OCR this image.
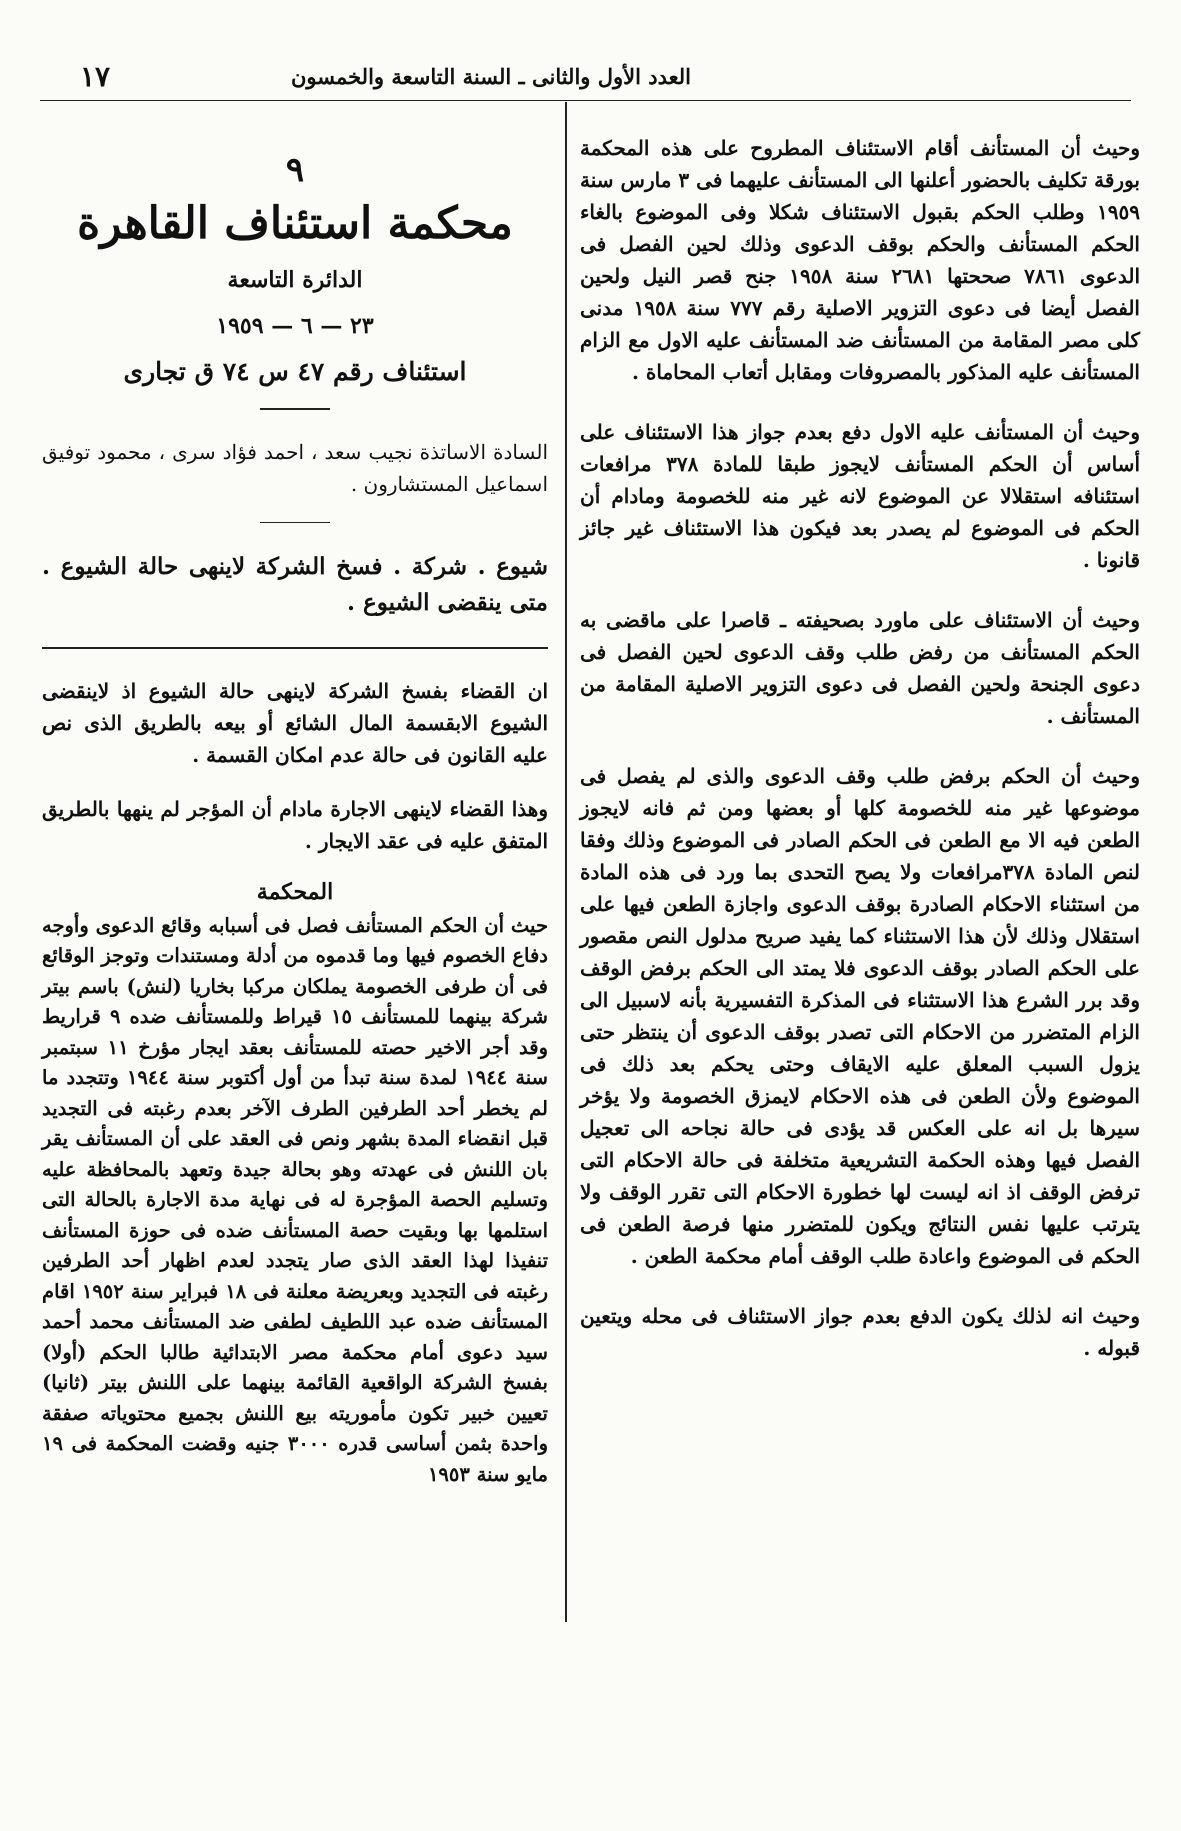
العدد الأول والثانى ـ السنة التاسعة والخمسون
١٧

وحيث أن المستأنف أقام الاستئناف المطروح على هذه المحكمة بورقة تكليف بالحضور أعلنها الى المستأنف عليهما فى ٣ مارس سنة ١٩٥٩ وطلب الحكم بقبول الاستئناف شكلا وفى الموضوع بالغاء الحكم المستأنف والحكم بوقف الدعوى وذلك لحين الفصل فى الدعوى ٧٨٦١ صححتها ٢٦٨١ سنة ١٩٥٨ جنح قصر النيل ولحين الفصل أيضا فى دعوى التزوير الاصلية رقم ٧٧٧ سنة ١٩٥٨ مدنى كلى مصر المقامة من المستأنف ضد المستأنف عليه الاول مع الزام المستأنف عليه المذكور بالمصروفات ومقابل أتعاب المحاماة .

وحيث أن المستأنف عليه الاول دفع بعدم جواز هذا الاستئناف على أساس أن الحكم المستأنف لايجوز طبقا للمادة ٣٧٨ مرافعات استئنافه استقلالا عن الموضوع لانه غير منه للخصومة ومادام أن الحكم فى الموضوع لم يصدر بعد فيكون هذا الاستئناف غير جائز قانونا .

وحيث أن الاستئناف على ماورد بصحيفته ـ قاصرا على ماقضى به الحكم المستأنف من رفض طلب وقف الدعوى لحين الفصل فى دعوى الجنحة ولحين الفصل فى دعوى التزوير الاصلية المقامة من المستأنف .

وحيث أن الحكم برفض طلب وقف الدعوى والذى لم يفصل فى موضوعها غير منه للخصومة كلها أو بعضها ومن ثم فانه لايجوز الطعن فيه الا مع الطعن فى الحكم الصادر فى الموضوع وذلك وفقا لنص المادة ٣٧٨مرافعات ولا يصح التحدى بما ورد فى هذه المادة من استثناء الاحكام الصادرة بوقف الدعوى واجازة الطعن فيها على استقلال وذلك لأن هذا الاستثناء كما يفيد صريح مدلول النص مقصور على الحكم الصادر بوقف الدعوى فلا يمتد الى الحكم برفض الوقف وقد برر الشرع هذا الاستثناء فى المذكرة التفسيرية بأنه لاسبيل الى الزام المتضرر من الاحكام التى تصدر بوقف الدعوى أن ينتظر حتى يزول السبب المعلق عليه الايقاف وحتى يحكم بعد ذلك فى الموضوع ولأن الطعن فى هذه الاحكام لايمزق الخصومة ولا يؤخر سيرها بل انه على العكس قد يؤدى فى حالة نجاحه الى تعجيل الفصل فيها وهذه الحكمة التشريعية متخلفة فى حالة الاحكام التى ترفض الوقف اذ انه ليست لها خطورة الاحكام التى تقرر الوقف ولا يترتب عليها نفس النتائج ويكون للمتضرر منها فرصة الطعن فى الحكم فى الموضوع واعادة طلب الوقف أمام محكمة الطعن .

وحيث انه لذلك يكون الدفع بعدم جواز الاستئناف فى محله ويتعين قبوله .

٩
محكمة استئناف القاهرة
الدائرة التاسعة
٢٣ — ٦ — ١٩٥٩
استئناف رقم ٤٧ س ٧٤ ق تجارى
السادة الاساتذة نجيب سعد ، احمد فؤاد سرى ، محمود توفيق اسماعيل المستشارون .
شيوع . شركة . فسخ الشركة لاينهى حالة الشيوع . متى ينقضى الشيوع .
ان القضاء بفسخ الشركة لاينهى حالة الشيوع اذ لاينقضى الشيوع الابقسمة المال الشائع أو بيعه بالطريق الذى نص عليه القانون فى حالة عدم امكان القسمة .
وهذا القضاء لاينهى الاجارة مادام أن المؤجر لم ينهها بالطريق المتفق عليه فى عقد الايجار .
المحكمة
حيث أن الحكم المستأنف فصل فى أسبابه وقائع الدعوى وأوجه دفاع الخصوم فيها وما قدموه من أدلة ومستندات وتوجز الوقائع فى أن طرفى الخصومة يملكان مركبا بخاريا (لنش) باسم بيتر شركة بينهما للمستأنف ١٥ قيراط وللمستأنف ضده ٩ قراريط وقد أجر الاخير حصته للمستأنف بعقد ايجار مؤرخ ١١ سبتمبر سنة ١٩٤٤ لمدة سنة تبدأ من أول أكتوبر سنة ١٩٤٤ وتتجدد ما لم يخطر أحد الطرفين الطرف الآخر بعدم رغبته فى التجديد قبل انقضاء المدة بشهر ونص فى العقد على أن المستأنف يقر بان اللنش فى عهدته وهو بحالة جيدة وتعهد بالمحافظة عليه وتسليم الحصة المؤجرة له فى نهاية مدة الاجارة بالحالة التى استلمها بها وبقيت حصة المستأنف ضده فى حوزة المستأنف تنفيذا لهذا العقد الذى صار يتجدد لعدم اظهار أحد الطرفين رغبته فى التجديد وبعريضة معلنة فى ١٨ فبراير سنة ١٩٥٢ اقام المستأنف ضده عبد اللطيف لطفى ضد المستأنف محمد أحمد سيد دعوى أمام محكمة مصر الابتدائية طالبا الحكم (أولا) بفسخ الشركة الواقعية القائمة بينهما على اللنش بيتر (ثانيا) تعيين خبير تكون مأموريته بيع اللنش بجميع محتوياته صفقة واحدة بثمن أساسى قدره ٣٠٠٠ جنيه وقضت المحكمة فى ١٩ مايو سنة ١٩٥٣
